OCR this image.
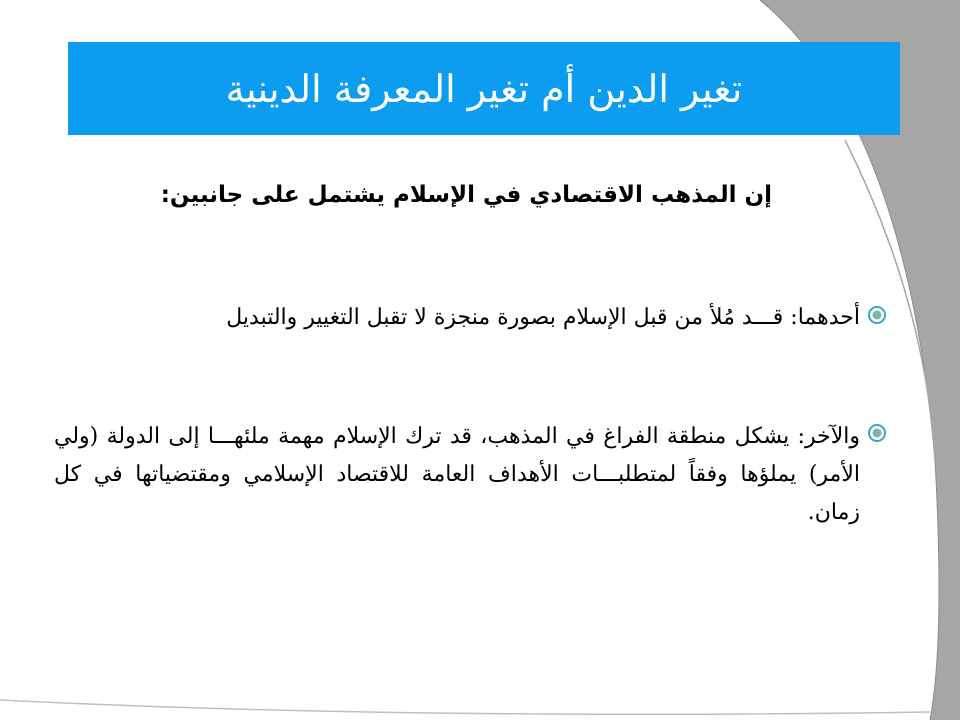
تغير الدين أم تغير المعرفة الدينية
إن المذهب الاقتصادي في الإسلام يشتمل على جانبين:
أحدهما: قـــد مُلأ من قبل الإسلام بصورة منجزة لا تقبل التغيير والتبديل
والآخر: يشكل منطقة الفراغ في المذهب، قد ترك الإسلام مهمة ملئهـــا إلى الدولة (ولي الأمر) يملؤها وفقاً لمتطلبـــات الأهداف العامة للاقتصاد الإسلامي ومقتضياتها في كل زمان.
